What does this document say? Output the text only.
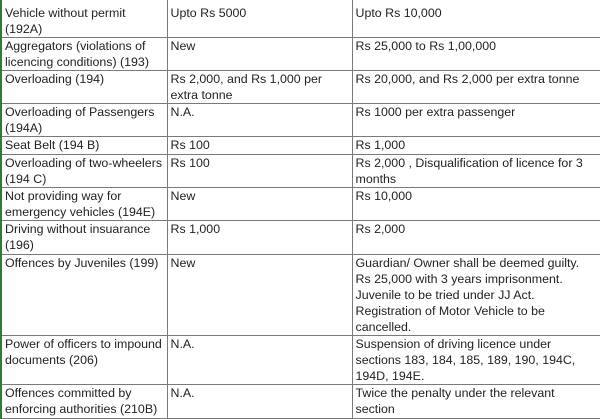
Vehicle without permit (192A)	Upto Rs 5000	Upto Rs 10,000

Aggregators (violations of licencing conditions) (193)	New	Rs 25,000 to Rs 1,00,000

Overloading (194)	Rs 2,000, and Rs 1,000 per extra tonne	Rs 20,000, and Rs 2,000 per extra tonne

Overloading of Passengers (194A)	N.A.	Rs 1000 per extra passenger

Seat Belt (194 B)	Rs 100	Rs 1,000

Overloading of two-wheelers (194 C)	Rs 100	Rs 2,000 , Disqualification of licence for 3 months

Not providing way for emergency vehicles (194E)	New	Rs 10,000

Driving without insuarance (196)	Rs 1,000	Rs 2,000

Offences by Juveniles (199)	New	Guardian/ Owner shall be deemed guilty. Rs 25,000 with 3 years imprisonment. Juvenile to be tried under JJ Act. Registration of Motor Vehicle to be cancelled.

Power of officers to impound documents (206)	N.A.	Suspension of driving licence under sections 183, 184, 185, 189, 190, 194C, 194D, 194E.

Offences committed by enforcing authorities (210B)	N.A.	Twice the penalty under the relevant section
